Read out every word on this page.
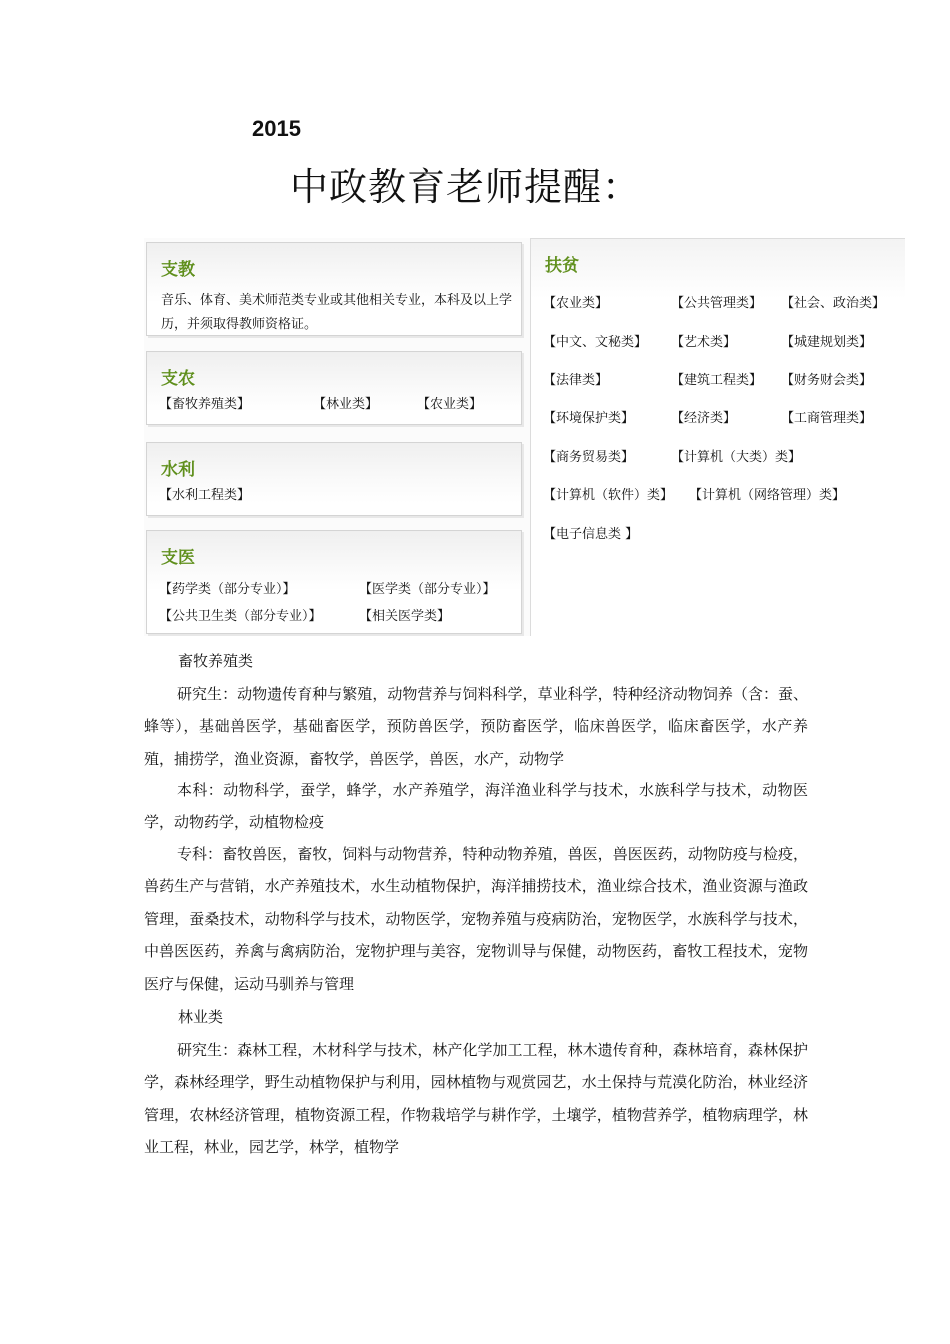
2015
中政教育老师提醒：
支教

音乐、体育、美术师范类专业或其他相关专业，本科及以上学历，并须取得教师资格证。

支农
【畜牧养殖类】	【林业类】	【农业类】
水利
【水利工程类】
支医
【药学类（部分专业）】	【医学类（部分专业）】
【公共卫生类（部分专业）】	【相关医学类】
扶贫
【农业类】	【公共管理类】 【社会、政治类】
【中文、文秘类】 【艺术类】	【城建规划类】
【法律类】	【建筑工程类】 【财务财会类】
【环境保护类】	【经济类】	【工商管理类】
【商务贸易类】	【计算机（大类）类】
【计算机（软件）类】 【计算机（网络管理）类】
【电子信息类 】
畜牧养殖类

研究生：动物遗传育种与繁殖，动物营养与饲料科学，草业科学，特种经济动物饲养（含：蚕、蜂等），基础兽医学，基础畜医学，预防兽医学，预防畜医学，临床兽医学，临床畜医学，水产养殖，捕捞学，渔业资源，畜牧学，兽医学，兽医，水产，动物学

本科：动物科学，蚕学，蜂学，水产养殖学，海洋渔业科学与技术，水族科学与技术，动物医学，动物药学，动植物检疫

专科：畜牧兽医，畜牧，饲料与动物营养，特种动物养殖，兽医，兽医医药，动物防疫与检疫，兽药生产与营销，水产养殖技术，水生动植物保护，海洋捕捞技术，渔业综合技术，渔业资源与渔政管理，蚕桑技术，动物科学与技术，动物医学，宠物养殖与疫病防治，宠物医学，水族科学与技术，中兽医医药，养禽与禽病防治，宠物护理与美容，宠物训导与保健，动物医药，畜牧工程技术，宠物医疗与保健，运动马驯养与管理

林业类

研究生：森林工程，木材科学与技术，林产化学加工工程，林木遗传育种，森林培育，森林保护学，森林经理学，野生动植物保护与利用，园林植物与观赏园艺，水土保持与荒漠化防治，林业经济管理，农林经济管理，植物资源工程，作物栽培学与耕作学，土壤学，植物营养学，植物病理学，林业工程，林业，园艺学，林学，植物学
